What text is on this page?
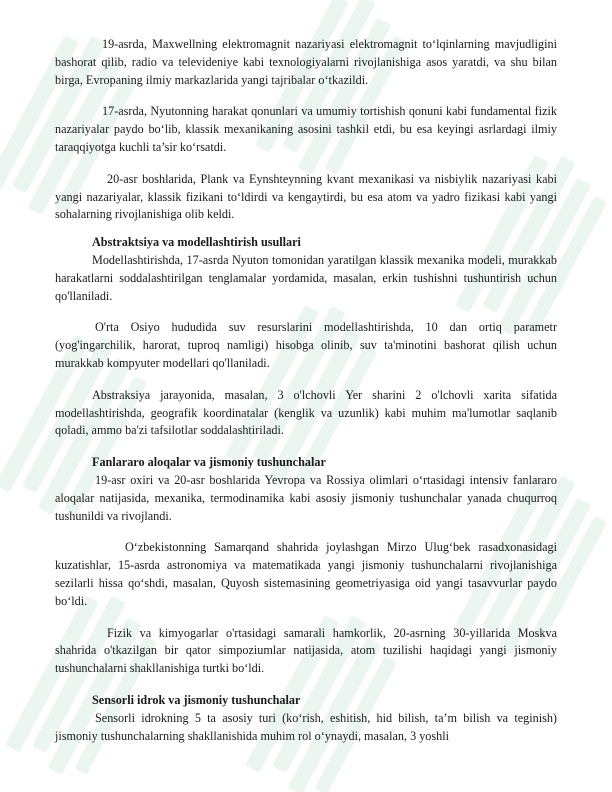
19-asrda, Maxwellning elektromagnit nazariyasi elektromagnit to‘lqinlarning mavjudligini bashorat qilib, radio va televideniye kabi texnologiyalarni rivojlanishiga asos yaratdi, va shu bilan birga, Evropaning ilmiy markazlarida yangi tajribalar o‘tkazildi.

17-asrda, Nyutonning harakat qonunlari va umumiy tortishish qonuni kabi fundamental fizik nazariyalar paydo bo‘lib, klassik mexanikaning asosini tashkil etdi, bu esa keyingi asrlardagi ilmiy taraqqiyotga kuchli ta’sir ko‘rsatdi.

20-asr boshlarida, Plank va Eynshteynning kvant mexanikasi va nisbiylik nazariyasi kabi yangi nazariyalar, klassik fizikani to‘ldirdi va kengaytirdi, bu esa atom va yadro fizikasi kabi yangi sohalarning rivojlanishiga olib keldi.

Abstraktsiya va modellashtirish usullari

Modellashtirishda, 17-asrda Nyuton tomonidan yaratilgan klassik mexanika modeli, murakkab harakatlarni soddalashtirilgan tenglamalar yordamida, masalan, erkin tushishni tushuntirish uchun qo'llaniladi.

O'rta Osiyo hududida suv resurslarini modellashtirishda, 10 dan ortiq parametr (yog'ingarchilik, harorat, tuproq namligi) hisobga olinib, suv ta'minotini bashorat qilish uchun murakkab kompyuter modellari qo'llaniladi.

Abstraksiya jarayonida, masalan, 3 o'lchovli Yer sharini 2 o'lchovli xarita sifatida modellashtirishda, geografik koordinatalar (kenglik va uzunlik) kabi muhim ma'lumotlar saqlanib qoladi, ammo ba'zi tafsilotlar soddalashtiriladi.

Fanlararo aloqalar va jismoniy tushunchalar

19-asr oxiri va 20-asr boshlarida Yevropa va Rossiya olimlari o‘rtasidagi intensiv fanlararo aloqalar natijasida, mexanika, termodinamika kabi asosiy jismoniy tushunchalar yanada chuqurroq tushunildi va rivojlandi.

O‘zbekistonning Samarqand shahrida joylashgan Mirzo Ulug‘bek rasadxonasidagi kuzatishlar, 15-asrda astronomiya va matematikada yangi jismoniy tushunchalarni rivojlanishiga sezilarli hissa qo‘shdi, masalan, Quyosh sistemasining geometriyasiga oid yangi tasavvurlar paydo bo‘ldi.

Fizik va kimyogarlar o'rtasidagi samarali hamkorlik, 20-asrning 30-yillarida Moskva shahrida o'tkazilgan bir qator simpoziumlar natijasida, atom tuzilishi haqidagi yangi jismoniy tushunchalarni shakllanishiga turtki bo‘ldi.

Sensorli idrok va jismoniy tushunchalar

Sensorli idrokning 5 ta asosiy turi (ko‘rish, eshitish, hid bilish, ta’m bilish va teginish) jismoniy tushunchalarning shakllanishida muhim rol o‘ynaydi, masalan, 3 yoshli
